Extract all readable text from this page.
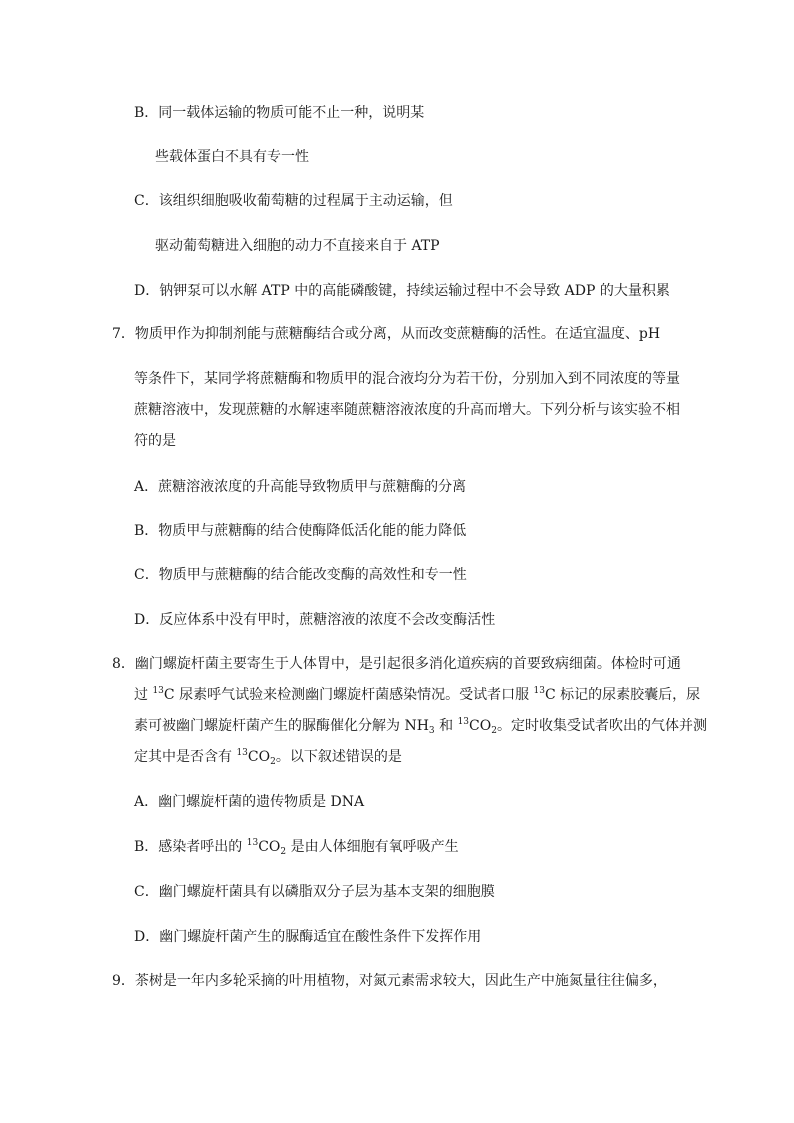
B．同一载体运输的物质可能不止一种，说明某
些载体蛋白不具有专一性
C．该组织细胞吸收葡萄糖的过程属于主动运输，但
驱动葡萄糖进入细胞的动力不直接来自于 ATP
D．钠钾泵可以水解 ATP 中的高能磷酸键，持续运输过程中不会导致 ADP 的大量积累
7．物质甲作为抑制剂能与蔗糖酶结合或分离，从而改变蔗糖酶的活性。在适宜温度、pH
等条件下，某同学将蔗糖酶和物质甲的混合液均分为若干份，分别加入到不同浓度的等量
蔗糖溶液中，发现蔗糖的水解速率随蔗糖溶液浓度的升高而增大。下列分析与该实验不相
符的是
A．蔗糖溶液浓度的升高能导致物质甲与蔗糖酶的分离
B．物质甲与蔗糖酶的结合使酶降低活化能的能力降低
C．物质甲与蔗糖酶的结合能改变酶的高效性和专一性
D．反应体系中没有甲时，蔗糖溶液的浓度不会改变酶活性
8．幽门螺旋杆菌主要寄生于人体胃中，是引起很多消化道疾病的首要致病细菌。体检时可通
过 $^{13}$C 尿素呼气试验来检测幽门螺旋杆菌感染情况。受试者口服 $^{13}$C 标记的尿素胶囊后，尿
素可被幽门螺旋杆菌产生的脲酶催化分解为 $NH_3$ 和 $^{13}CO_2$。定时收集受试者吹出的气体并测
定其中是否含有 $^{13}CO_2$。以下叙述错误的是
A．幽门螺旋杆菌的遗传物质是 DNA
B．感染者呼出的 $^{13}CO_2$ 是由人体细胞有氧呼吸产生
C．幽门螺旋杆菌具有以磷脂双分子层为基本支架的细胞膜
D．幽门螺旋杆菌产生的脲酶适宜在酸性条件下发挥作用
9．茶树是一年内多轮采摘的叶用植物，对氮元素需求较大，因此生产中施氮量往往偏多，
